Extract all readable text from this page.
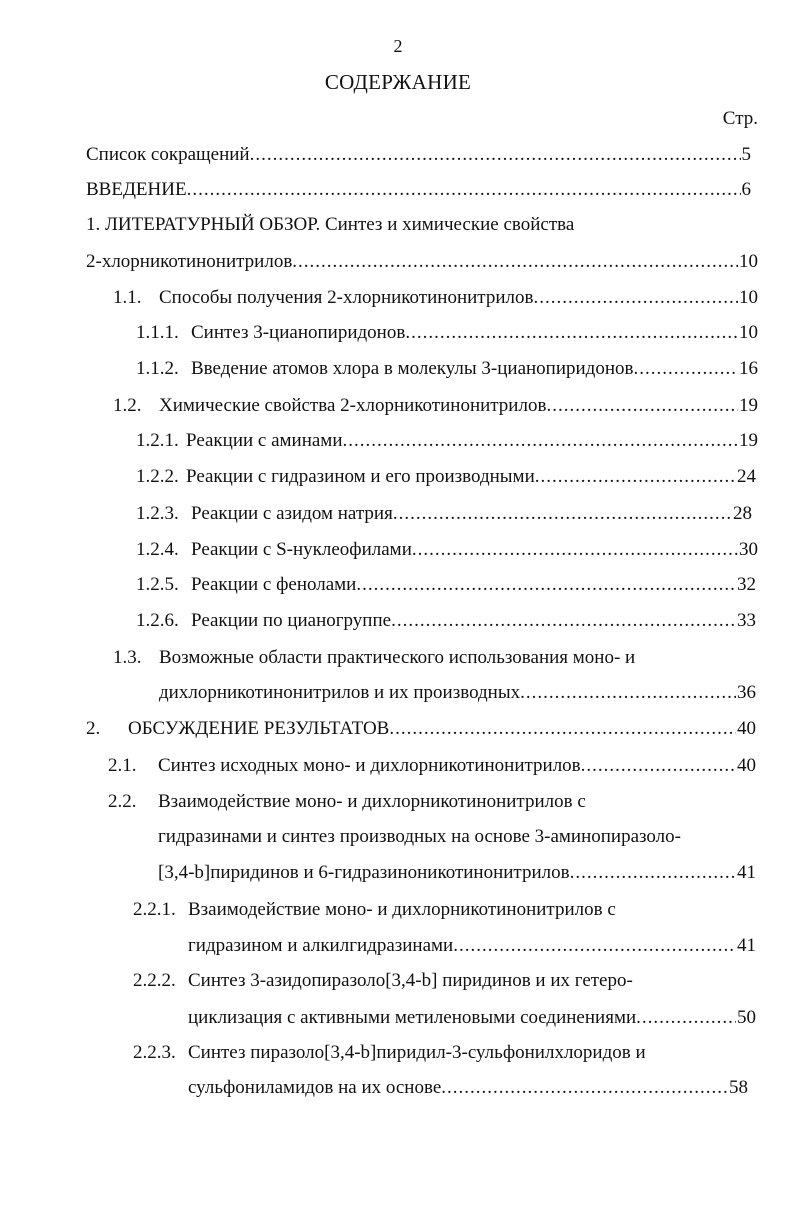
2
СОДЕРЖАНИЕ
Стр.
Список сокращений .....	5
ВВЕДЕНИЕ .....	6
1. ЛИТЕРАТУРНЫЙ ОБЗОР. Синтез и химические свойства
2-хлорникотинонитрилов .....	10
1.1. Способы получения 2-хлорникотинонитрилов .....	10
1.1.1. Синтез 3-цианопиридонов .....	10
1.1.2. Введение атомов хлора в молекулы 3-цианопиридонов .....	16
1.2. Химические свойства 2-хлорникотинонитрилов .....	19
1.2.1. Реакции с аминами .....	19
1.2.2. Реакции с гидразином и его производными .....	24
1.2.3. Реакции с азидом натрия .....	28
1.2.4. Реакции с S-нуклеофилами .....	30
1.2.5. Реакции с фенолами .....	32
1.2.6. Реакции по цианогруппе .....	33
1.3. Возможные области практического использования моно- и
дихлорникотинонитрилов и их производных .....	36
2.	ОБСУЖДЕНИЕ РЕЗУЛЬТАТОВ .....	40
2.1.	Синтез исходных моно- и дихлорникотинонитрилов .....	40
2.2. Взаимодействие моно- и дихлорникотинонитрилов с
гидразинами и синтез производных на основе 3-аминопиразоло-
[3,4-b]пиридинов и 6-гидразиноникотинонитрилов .....	41
2.2.1. Взаимодействие моно- и дихлорникотинонитрилов с
гидразином и алкилгидразинами .....	41
2.2.2. Синтез 3-азидопиразоло[3,4-b] пиридинов и их гетеро-
циклизация с активными метиленовыми соединениями .....	50
2.2.3. Синтез пиразоло[3,4-b]пиридил-3-сульфонилхлоридов и
сульфониламидов на их основе .....	58
